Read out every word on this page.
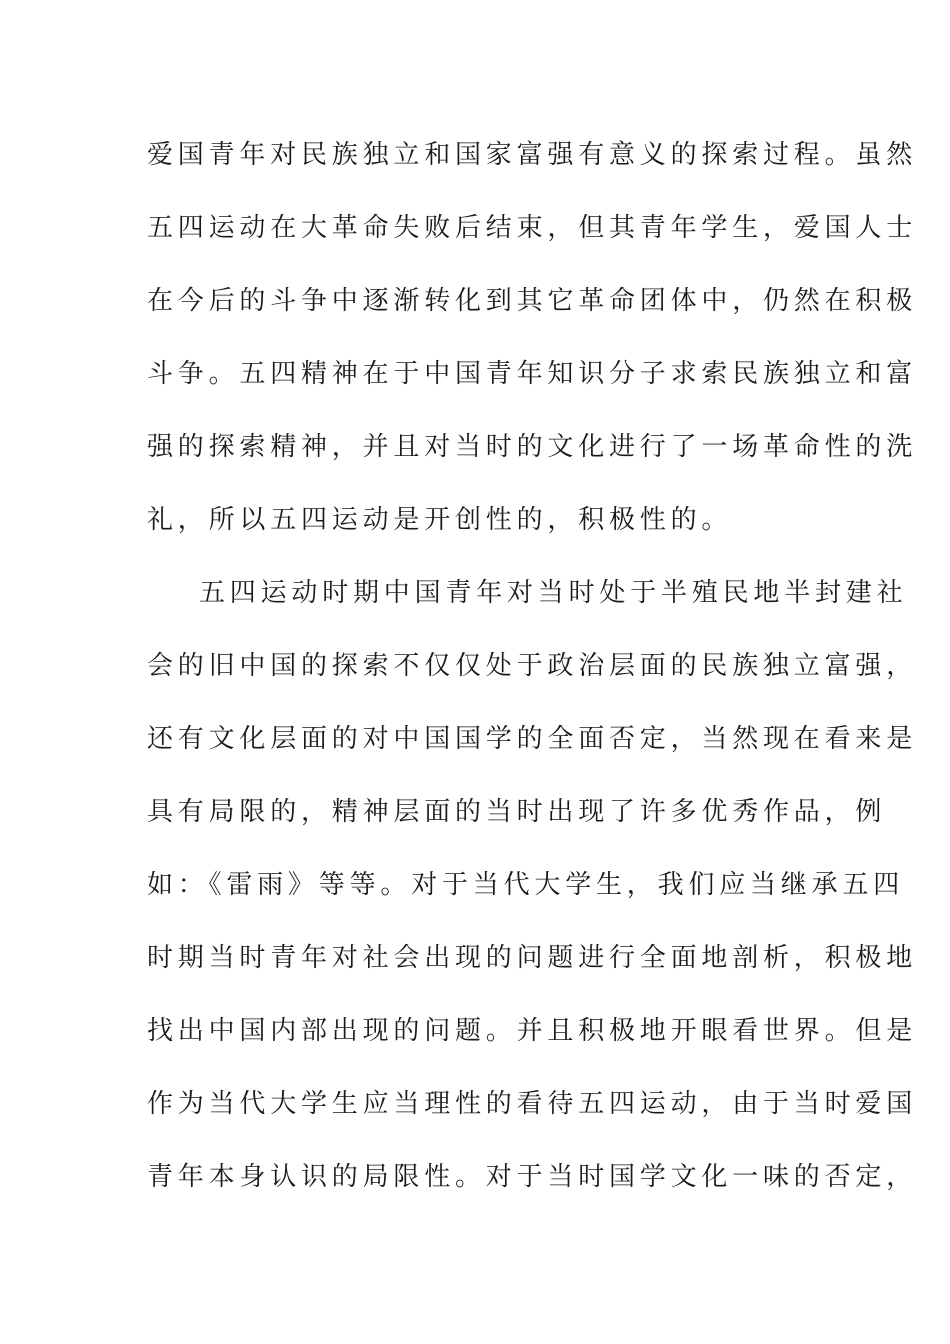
爱国青年对民族独立和国家富强有意义的探索过程。虽然
五四运动在大革命失败后结束，但其青年学生，爱国人士
在今后的斗争中逐渐转化到其它革命团体中，仍然在积极
斗争。五四精神在于中国青年知识分子求索民族独立和富
强的探索精神，并且对当时的文化进行了一场革命性的洗
礼，所以五四运动是开创性的，积极性的。
五四运动时期中国青年对当时处于半殖民地半封建社
会的旧中国的探索不仅仅处于政治层面的民族独立富强，
还有文化层面的对中国国学的全面否定，当然现在看来是
具有局限的，精神层面的当时出现了许多优秀作品，例
如：《雷雨》等等。对于当代大学生，我们应当继承五四
时期当时青年对社会出现的问题进行全面地剖析，积极地
找出中国内部出现的问题。并且积极地开眼看世界。但是
作为当代大学生应当理性的看待五四运动，由于当时爱国
青年本身认识的局限性。对于当时国学文化一味的否定，
